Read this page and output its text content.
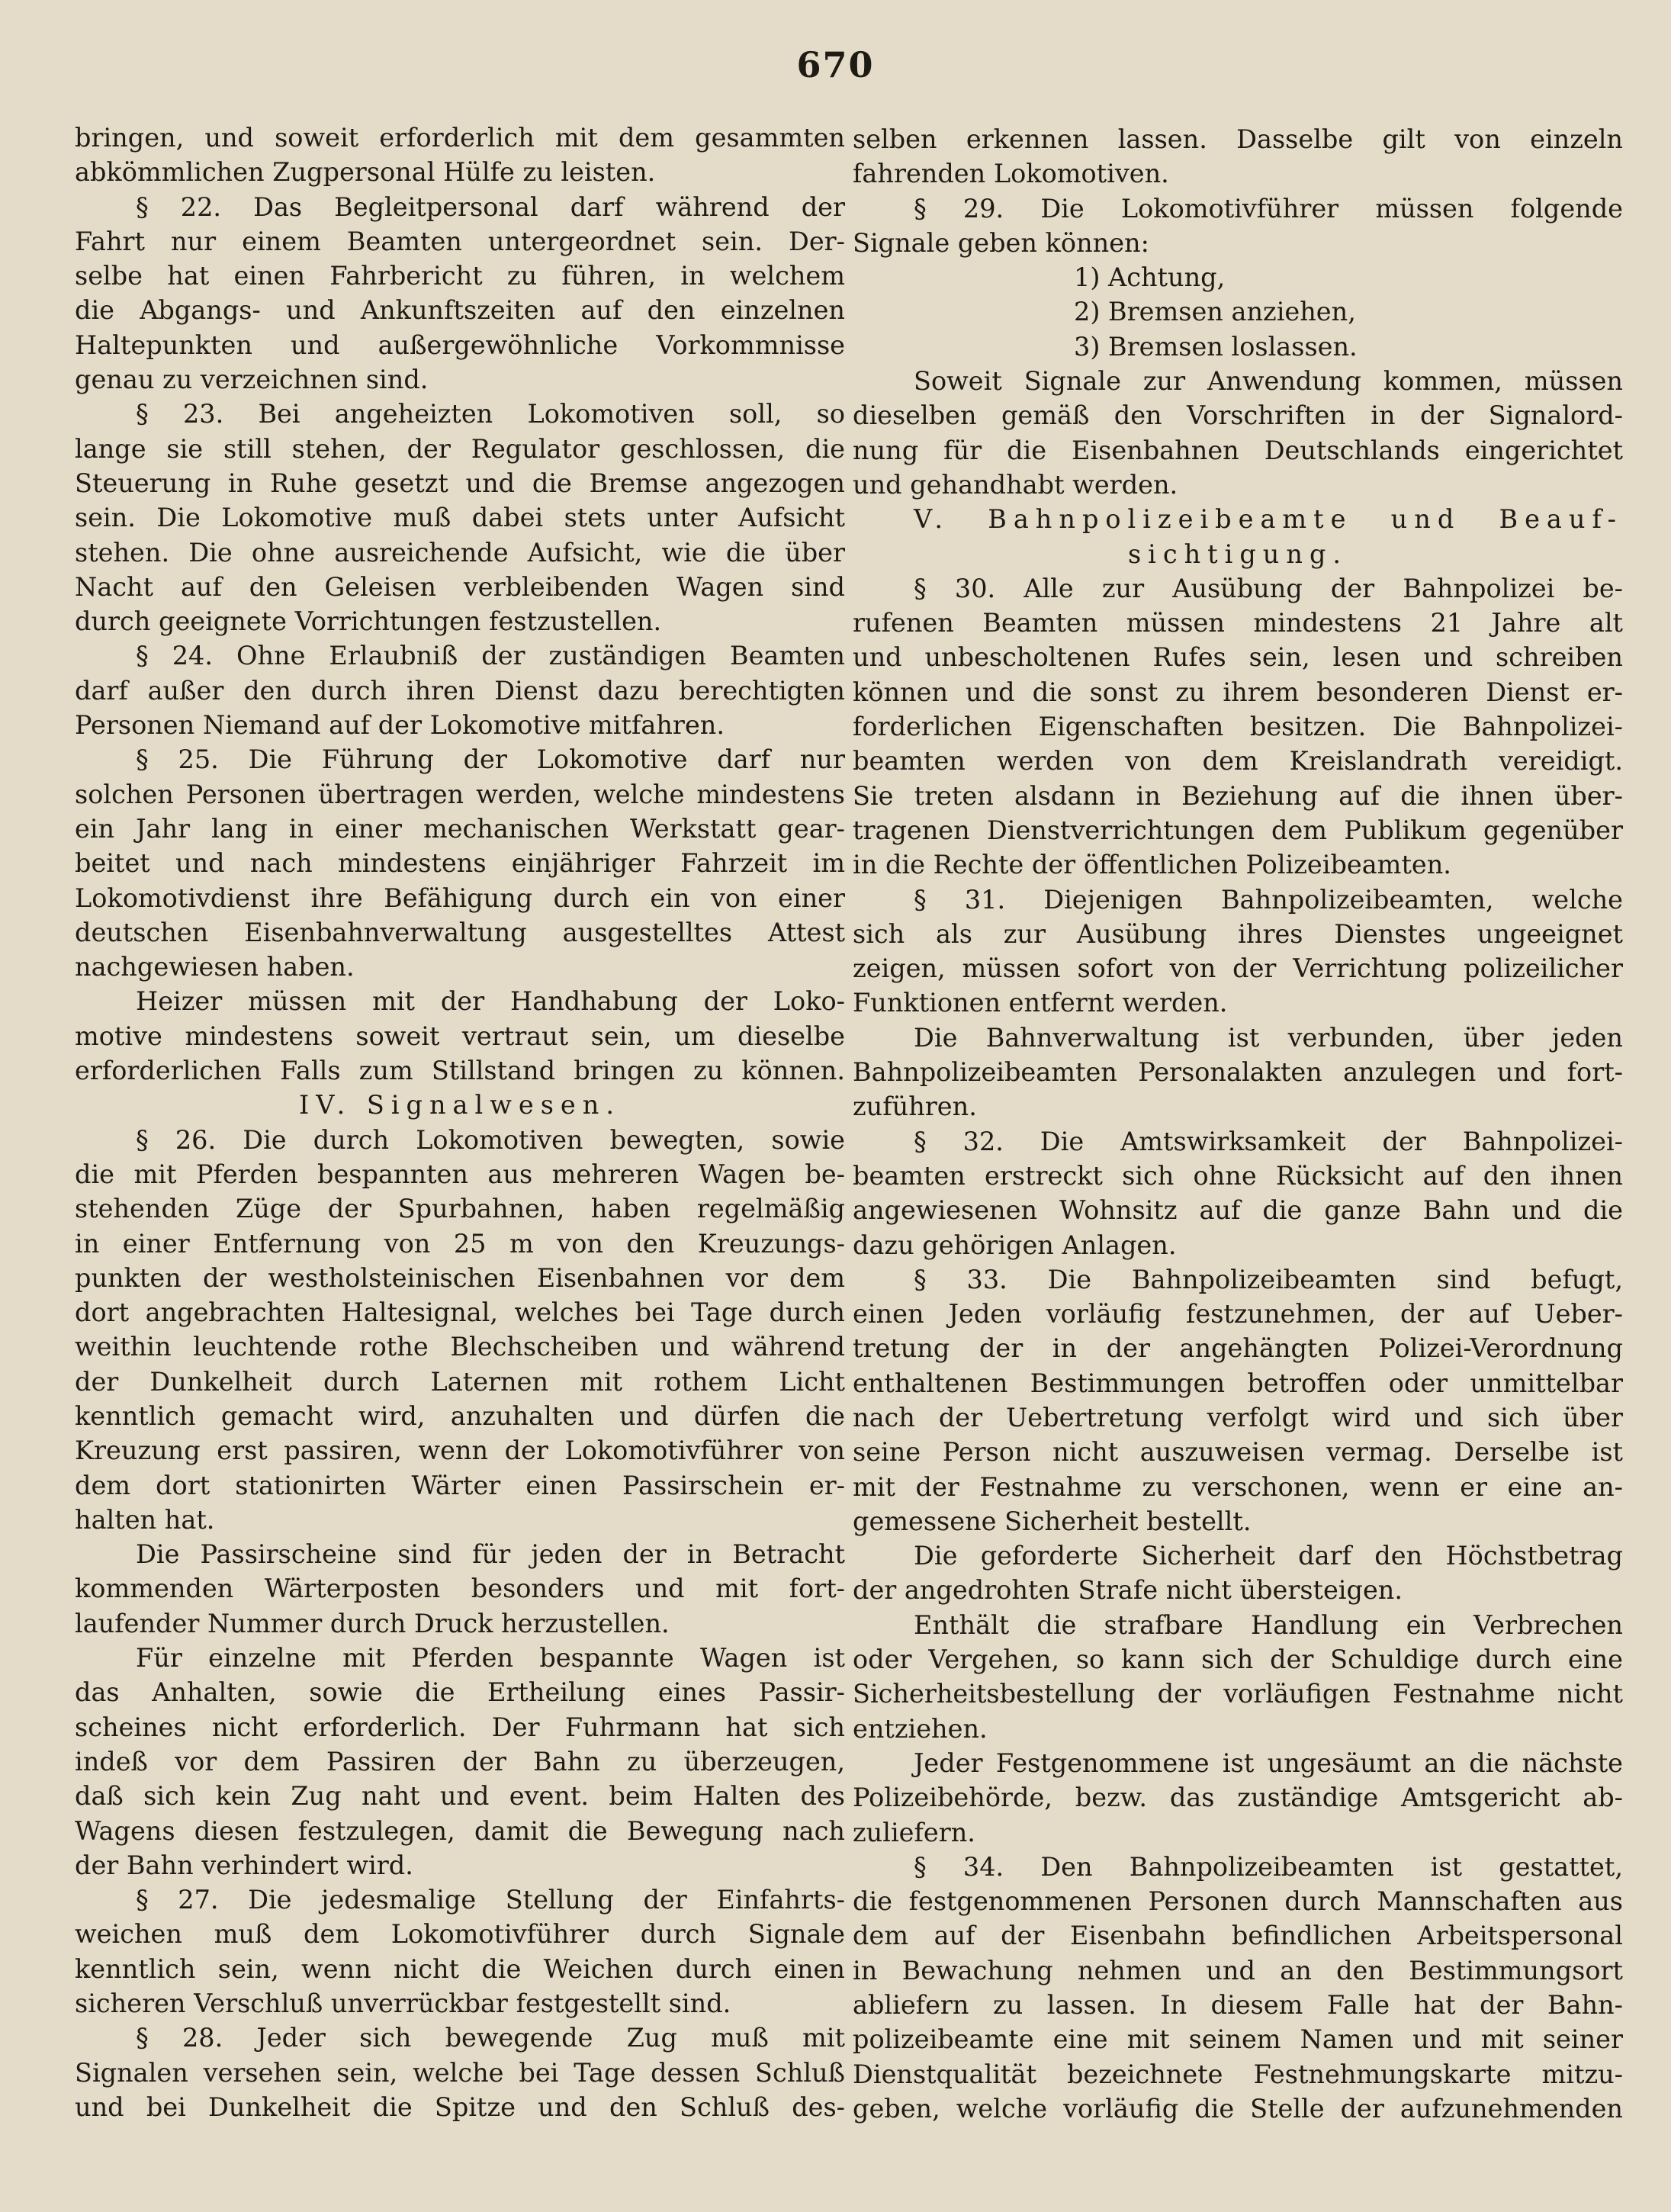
670
bringen, und soweit erforderlich mit dem gesammten
abkömmlichen Zugpersonal Hülfe zu leisten.
§ 22. Das Begleitpersonal darf während der
Fahrt nur einem Beamten untergeordnet sein. Der-
selbe hat einen Fahrbericht zu führen, in welchem
die Abgangs- und Ankunftszeiten auf den einzelnen
Haltepunkten und außergewöhnliche Vorkommnisse
genau zu verzeichnen sind.
§ 23. Bei angeheizten Lokomotiven soll, so
lange sie still stehen, der Regulator geschlossen, die
Steuerung in Ruhe gesetzt und die Bremse angezogen
sein. Die Lokomotive muß dabei stets unter Aufsicht
stehen. Die ohne ausreichende Aufsicht, wie die über
Nacht auf den Geleisen verbleibenden Wagen sind
durch geeignete Vorrichtungen festzustellen.
§ 24. Ohne Erlaubniß der zuständigen Beamten
darf außer den durch ihren Dienst dazu berechtigten
Personen Niemand auf der Lokomotive mitfahren.
§ 25. Die Führung der Lokomotive darf nur
solchen Personen übertragen werden, welche mindestens
ein Jahr lang in einer mechanischen Werkstatt gear-
beitet und nach mindestens einjähriger Fahrzeit im
Lokomotivdienst ihre Befähigung durch ein von einer
deutschen Eisenbahnverwaltung ausgestelltes Attest
nachgewiesen haben.
Heizer müssen mit der Handhabung der Loko-
motive mindestens soweit vertraut sein, um dieselbe
erforderlichen Falls zum Stillstand bringen zu können.
IV. Signalwesen.
§ 26. Die durch Lokomotiven bewegten, sowie
die mit Pferden bespannten aus mehreren Wagen be-
stehenden Züge der Spurbahnen, haben regelmäßig
in einer Entfernung von 25 m von den Kreuzungs-
punkten der westholsteinischen Eisenbahnen vor dem
dort angebrachten Haltesignal, welches bei Tage durch
weithin leuchtende rothe Blechscheiben und während
der Dunkelheit durch Laternen mit rothem Licht
kenntlich gemacht wird, anzuhalten und dürfen die
Kreuzung erst passiren, wenn der Lokomotivführer von
dem dort stationirten Wärter einen Passirschein er-
halten hat.
Die Passirscheine sind für jeden der in Betracht
kommenden Wärterposten besonders und mit fort-
laufender Nummer durch Druck herzustellen.
Für einzelne mit Pferden bespannte Wagen ist
das Anhalten, sowie die Ertheilung eines Passir-
scheines nicht erforderlich. Der Fuhrmann hat sich
indeß vor dem Passiren der Bahn zu überzeugen,
daß sich kein Zug naht und event. beim Halten des
Wagens diesen festzulegen, damit die Bewegung nach
der Bahn verhindert wird.
§ 27. Die jedesmalige Stellung der Einfahrts-
weichen muß dem Lokomotivführer durch Signale
kenntlich sein, wenn nicht die Weichen durch einen
sicheren Verschluß unverrückbar festgestellt sind.
§ 28. Jeder sich bewegende Zug muß mit
Signalen versehen sein, welche bei Tage dessen Schluß
und bei Dunkelheit die Spitze und den Schluß des-
selben erkennen lassen. Dasselbe gilt von einzeln
fahrenden Lokomotiven.
§ 29. Die Lokomotivführer müssen folgende
Signale geben können:
1) Achtung,
2) Bremsen anziehen,
3) Bremsen loslassen.
Soweit Signale zur Anwendung kommen, müssen
dieselben gemäß den Vorschriften in der Signalord-
nung für die Eisenbahnen Deutschlands eingerichtet
und gehandhabt werden.
V. Bahnpolizeibeamte und Beauf-
sichtigung.
§ 30. Alle zur Ausübung der Bahnpolizei be-
rufenen Beamten müssen mindestens 21 Jahre alt
und unbescholtenen Rufes sein, lesen und schreiben
können und die sonst zu ihrem besonderen Dienst er-
forderlichen Eigenschaften besitzen. Die Bahnpolizei-
beamten werden von dem Kreislandrath vereidigt.
Sie treten alsdann in Beziehung auf die ihnen über-
tragenen Dienstverrichtungen dem Publikum gegenüber
in die Rechte der öffentlichen Polizeibeamten.
§ 31. Diejenigen Bahnpolizeibeamten, welche
sich als zur Ausübung ihres Dienstes ungeeignet
zeigen, müssen sofort von der Verrichtung polizeilicher
Funktionen entfernt werden.
Die Bahnverwaltung ist verbunden, über jeden
Bahnpolizeibeamten Personalakten anzulegen und fort-
zuführen.
§ 32. Die Amtswirksamkeit der Bahnpolizei-
beamten erstreckt sich ohne Rücksicht auf den ihnen
angewiesenen Wohnsitz auf die ganze Bahn und die
dazu gehörigen Anlagen.
§ 33. Die Bahnpolizeibeamten sind befugt,
einen Jeden vorläufig festzunehmen, der auf Ueber-
tretung der in der angehängten Polizei-Verordnung
enthaltenen Bestimmungen betroffen oder unmittelbar
nach der Uebertretung verfolgt wird und sich über
seine Person nicht auszuweisen vermag. Derselbe ist
mit der Festnahme zu verschonen, wenn er eine an-
gemessene Sicherheit bestellt.
Die geforderte Sicherheit darf den Höchstbetrag
der angedrohten Strafe nicht übersteigen.
Enthält die strafbare Handlung ein Verbrechen
oder Vergehen, so kann sich der Schuldige durch eine
Sicherheitsbestellung der vorläufigen Festnahme nicht
entziehen.
Jeder Festgenommene ist ungesäumt an die nächste
Polizeibehörde, bezw. das zuständige Amtsgericht ab-
zuliefern.
§ 34. Den Bahnpolizeibeamten ist gestattet,
die festgenommenen Personen durch Mannschaften aus
dem auf der Eisenbahn befindlichen Arbeitspersonal
in Bewachung nehmen und an den Bestimmungsort
abliefern zu lassen. In diesem Falle hat der Bahn-
polizeibeamte eine mit seinem Namen und mit seiner
Dienstqualität bezeichnete Festnehmungskarte mitzu-
geben, welche vorläufig die Stelle der aufzunehmenden
